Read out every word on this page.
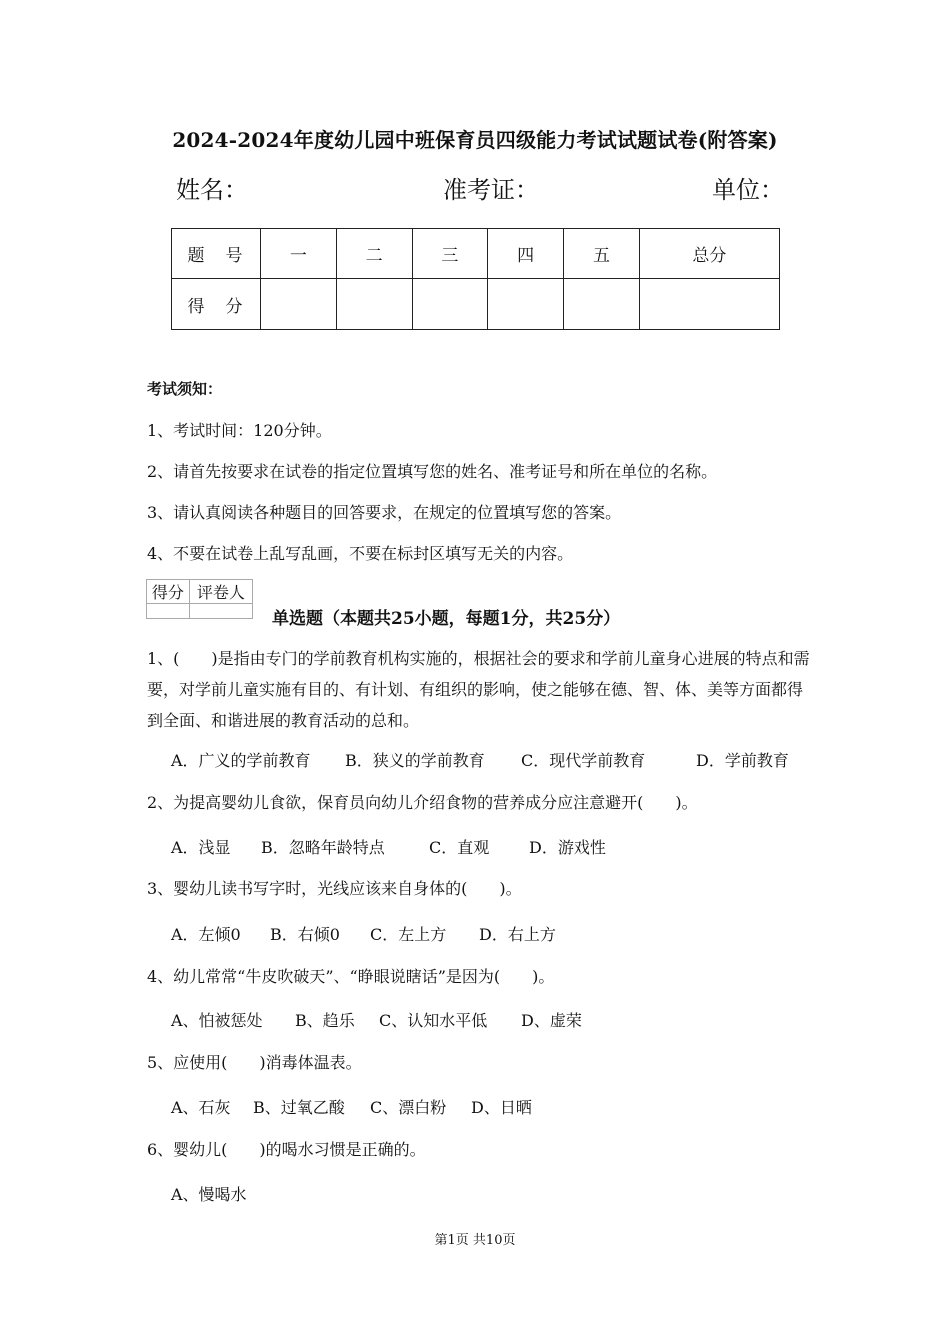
2024-2024年度幼儿园中班保育员四级能力考试试题试卷(附答案)
姓名：	准考证：	单位：
题　号	一	二	三	四	五	总分
得　分						
考试须知：
1、考试时间：120分钟。
2、请首先按要求在试卷的指定位置填写您的姓名、准考证号和所在单位的名称。
3、请认真阅读各种题目的回答要求，在规定的位置填写您的答案。
4、不要在试卷上乱写乱画，不要在标封区填写无关的内容。
得分	评卷人

单选题（本题共25小题，每题1分，共25分）
1、(　　)是指由专门的学前教育机构实施的，根据社会的要求和学前儿童身心进展的特点和需要，对学前儿童实施有目的、有计划、有组织的影响，使之能够在德、智、体、美等方面都得到全面、和谐进展的教育活动的总和。
A．广义的学前教育 B．狭义的学前教育 C．现代学前教育	D．学前教育
2、为提高婴幼儿食欲，保育员向幼儿介绍食物的营养成分应注意避开(　　)。
A．浅显 B．忽略年龄特点	C．直观 D．游戏性
3、婴幼儿读书写字时，光线应该来自身体的(　　)。
A．左倾0 B．右倾0 C．左上方 D．右上方
4、幼儿常常“牛皮吹破天”、“睁眼说瞎话”是因为(　　)。
A、怕被惩处 B、趋乐 C、认知水平低 D、虚荣
5、应使用(　　)消毒体温表。
A、石灰 B、过氧乙酸 C、漂白粉 D、日晒
6、婴幼儿(　　)的喝水习惯是正确的。
A、慢喝水
第1页 共10页
